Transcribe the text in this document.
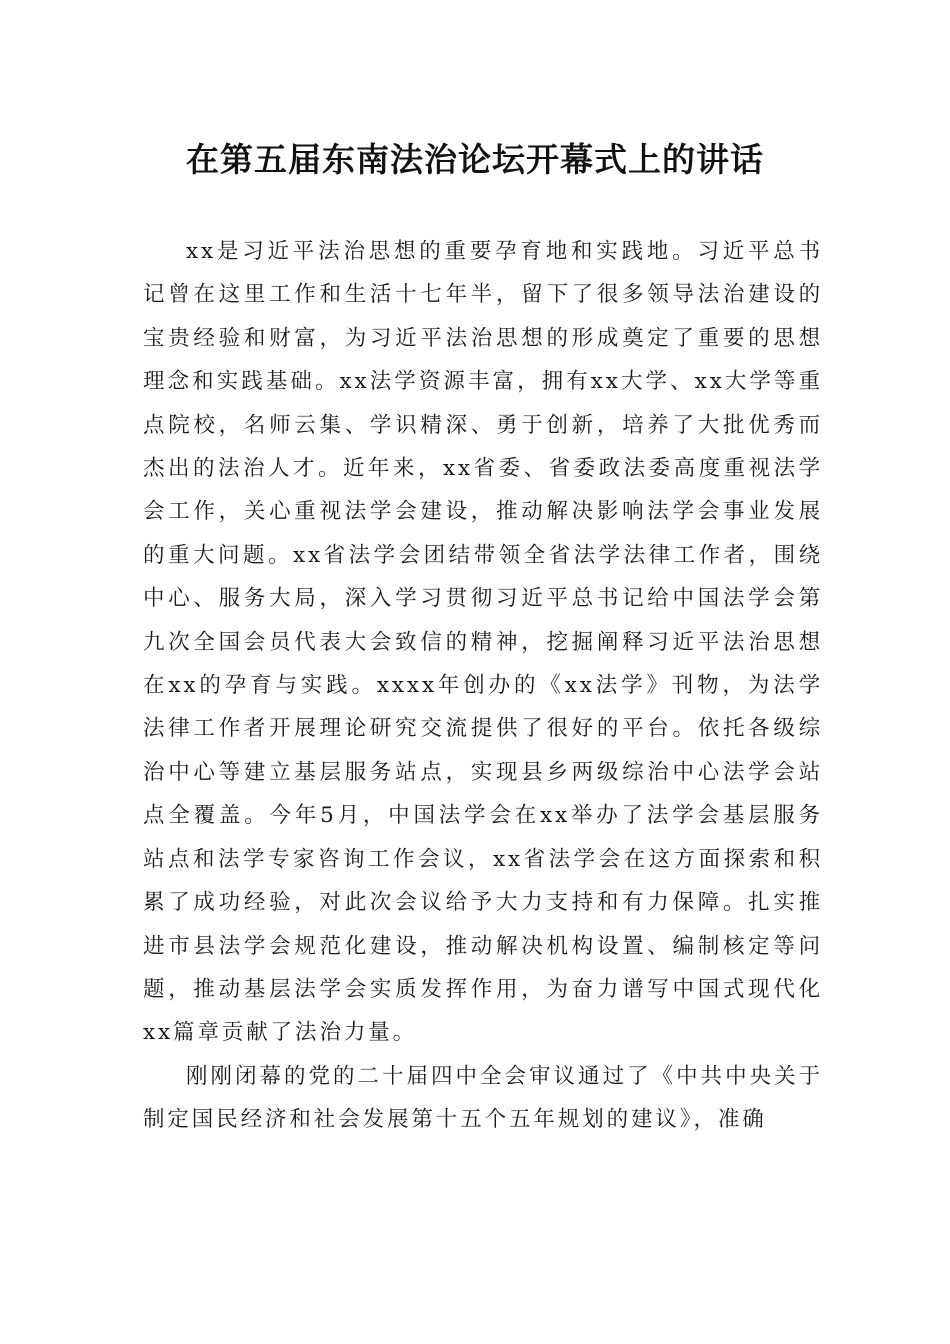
在第五届东南法治论坛开幕式上的讲话

xx是习近平法治思想的重要孕育地和实践地。习近平总书记曾在这里工作和生活十七年半，留下了很多领导法治建设的宝贵经验和财富，为习近平法治思想的形成奠定了重要的思想理念和实践基础。xx法学资源丰富，拥有xx大学、xx大学等重点院校，名师云集、学识精深、勇于创新，培养了大批优秀而杰出的法治人才。近年来，xx省委、省委政法委高度重视法学会工作，关心重视法学会建设，推动解决影响法学会事业发展的重大问题。xx省法学会团结带领全省法学法律工作者，围绕中心、服务大局，深入学习贯彻习近平总书记给中国法学会第九次全国会员代表大会致信的精神，挖掘阐释习近平法治思想在xx的孕育与实践。xxxx年创办的《xx法学》刊物，为法学法律工作者开展理论研究交流提供了很好的平台。依托各级综治中心等建立基层服务站点，实现县乡两级综治中心法学会站点全覆盖。今年5月，中国法学会在xx举办了法学会基层服务站点和法学专家咨询工作会议，xx省法学会在这方面探索和积累了成功经验，对此次会议给予大力支持和有力保障。扎实推进市县法学会规范化建设，推动解决机构设置、编制核定等问题，推动基层法学会实质发挥作用，为奋力谱写中国式现代化xx篇章贡献了法治力量。

刚刚闭幕的党的二十届四中全会审议通过了《中共中央关于制定国民经济和社会发展第十五个五年规划的建议》，准确
